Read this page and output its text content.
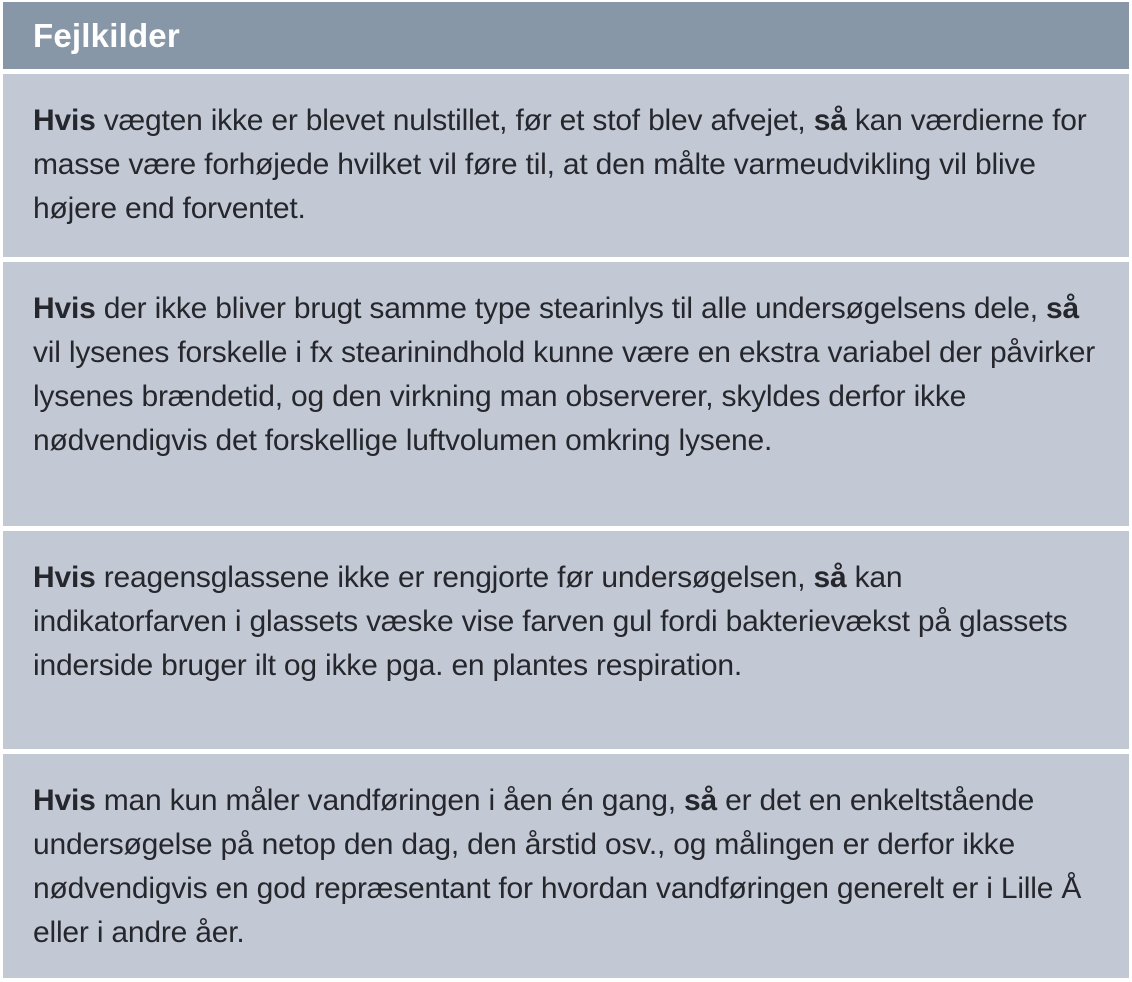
Fejlkilder

Hvis vægten ikke er blevet nulstillet, før et stof blev afvejet, så kan værdierne for masse være forhøjede hvilket vil føre til, at den målte varmeudvikling vil blive højere end forventet.

Hvis der ikke bliver brugt samme type stearinlys til alle undersøgelsens dele, så vil lysenes forskelle i fx stearinindhold kunne være en ekstra variabel der påvirker lysenes brændetid, og den virkning man observerer, skyldes derfor ikke nødvendigvis det forskellige luftvolumen omkring lysene.

Hvis reagensglassene ikke er rengjorte før undersøgelsen, så kan indikatorfarven i glassets væske vise farven gul fordi bakterievækst på glassets inderside bruger ilt og ikke pga. en plantes respiration.

Hvis man kun måler vandføringen i åen én gang, så er det en enkeltstående undersøgelse på netop den dag, den årstid osv., og målingen er derfor ikke nødvendigvis en god repræsentant for hvordan vandføringen generelt er i Lille Å eller i andre åer.
